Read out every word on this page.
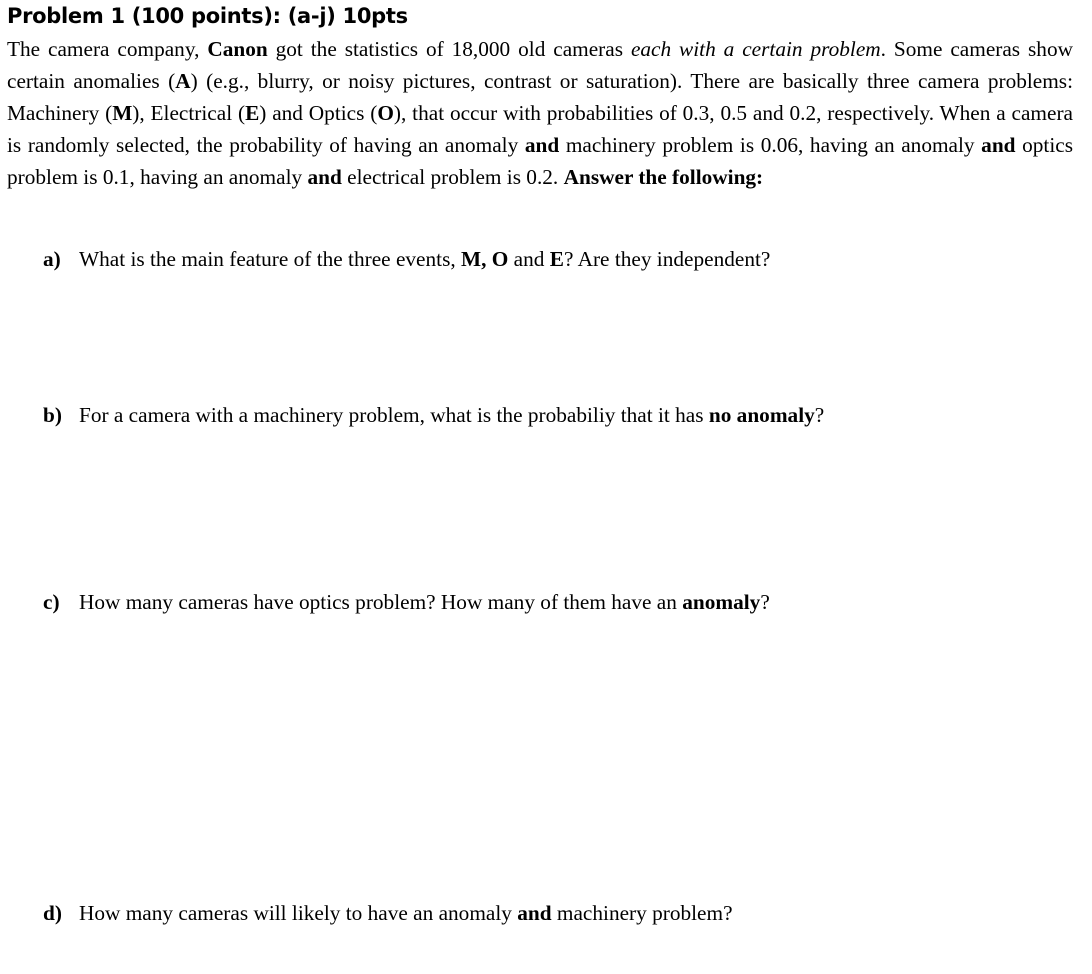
Problem 1 (100 points): (a-j) 10pts
The camera company, Canon got the statistics of 18,000 old cameras each with a certain problem. Some cameras show certain anomalies (A) (e.g., blurry, or noisy pictures, contrast or saturation). There are basically three camera problems: Machinery (M), Electrical (E) and Optics (O), that occur with probabilities of 0.3, 0.5 and 0.2, respectively. When a camera is randomly selected, the probability of having an anomaly and machinery problem is 0.06, having an anomaly and optics problem is 0.1, having an anomaly and electrical problem is 0.2. Answer the following:
a) What is the main feature of the three events, M, O and E? Are they independent?
b) For a camera with a machinery problem, what is the probabiliy that it has no anomaly?
c) How many cameras have optics problem? How many of them have an anomaly?
d) How many cameras will likely to have an anomaly and machinery problem?
